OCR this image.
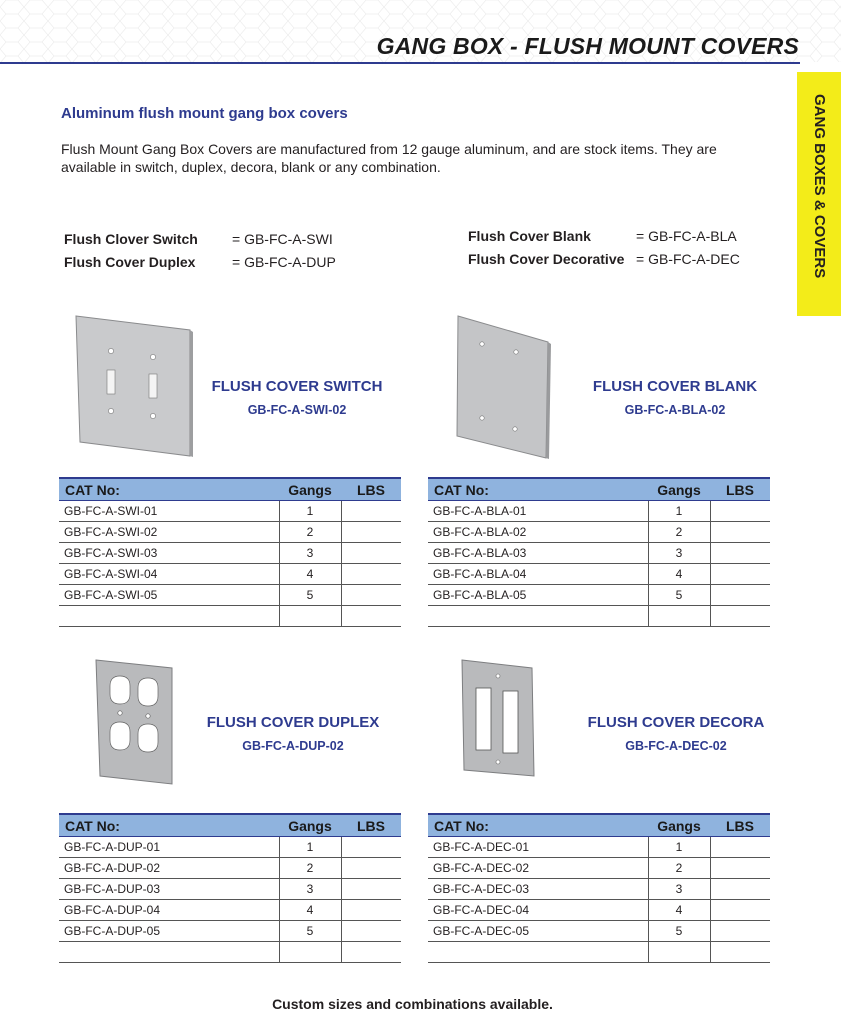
GANG BOX - FLUSH MOUNT COVERS
GANG BOXES & COVERS
Aluminum flush mount gang box covers
Flush Mount Gang Box Covers are manufactured from 12 gauge aluminum, and are stock items. They are available in switch, duplex, decora, blank or any combination.
Flush Clover Switch = GB-FC-A-SWI
Flush Cover Duplex	= GB-FC-A-DUP
Flush Cover Blank	= GB-FC-A-BLA
Flush Cover Decorative = GB-FC-A-DEC
FLUSH COVER SWITCH
GB-FC-A-SWI-02
FLUSH COVER BLANK
GB-FC-A-BLA-02
CAT No:	Gangs	LBS
GB-FC-A-SWI-01	1	
GB-FC-A-SWI-02	2	
GB-FC-A-SWI-03	3	
GB-FC-A-SWI-04	4	
GB-FC-A-SWI-05	5	

CAT No:	Gangs	LBS
GB-FC-A-BLA-01	1	
GB-FC-A-BLA-02	2	
GB-FC-A-BLA-03	3	
GB-FC-A-BLA-04	4	
GB-FC-A-BLA-05	5	

FLUSH COVER DUPLEX
GB-FC-A-DUP-02
FLUSH COVER DECORA
GB-FC-A-DEC-02
CAT No:	Gangs	LBS
GB-FC-A-DUP-01	1	
GB-FC-A-DUP-02	2	
GB-FC-A-DUP-03	3	
GB-FC-A-DUP-04	4	
GB-FC-A-DUP-05	5	

CAT No:	Gangs	LBS
GB-FC-A-DEC-01	1	
GB-FC-A-DEC-02	2	
GB-FC-A-DEC-03	3	
GB-FC-A-DEC-04	4	
GB-FC-A-DEC-05	5	

Custom sizes and combinations available.
